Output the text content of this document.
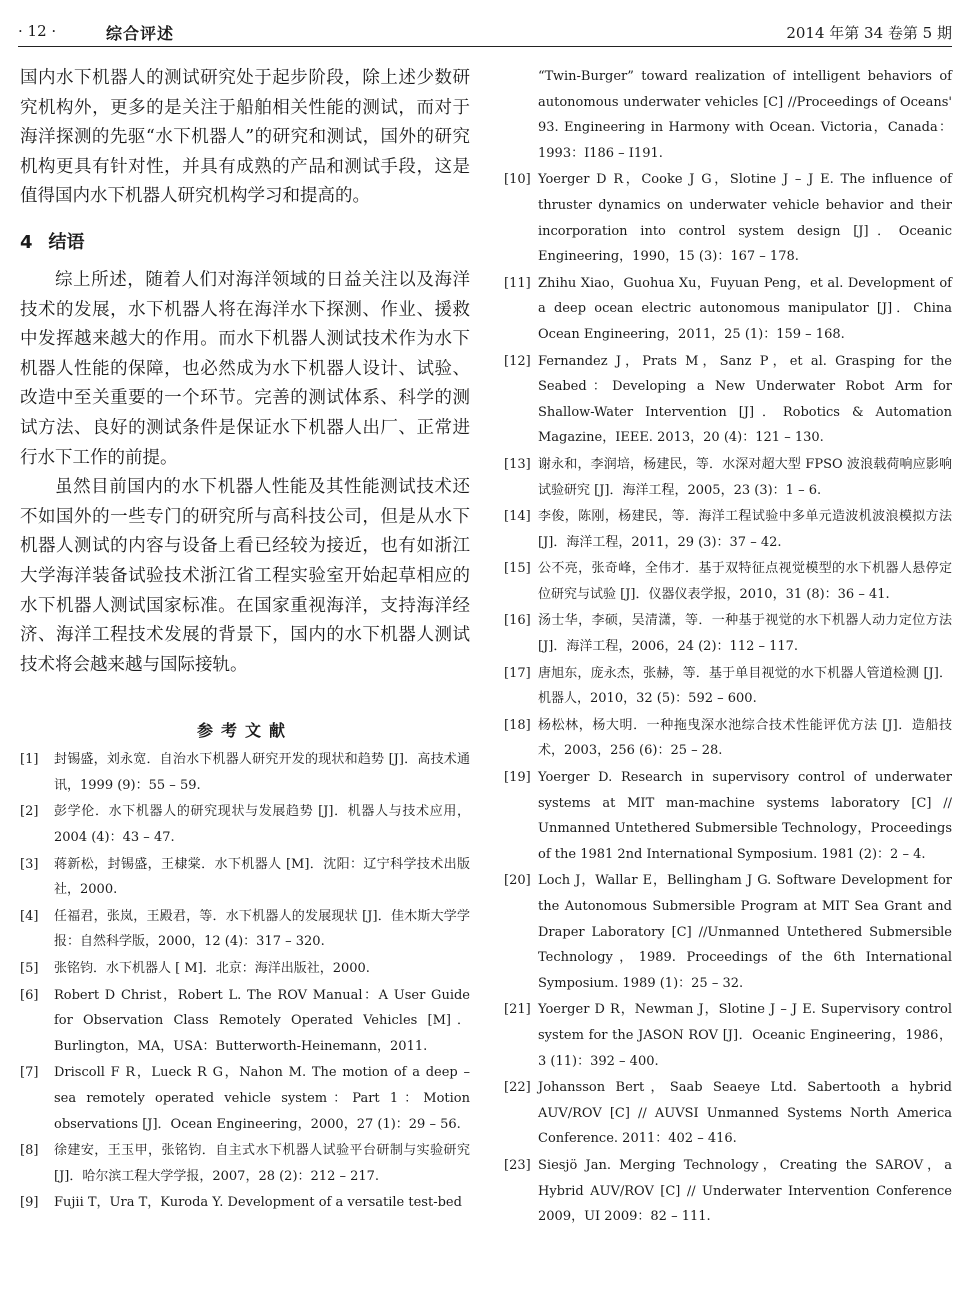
· 12 ·	综合评述	2014 年第 34 卷第 5 期

国内水下机器人的测试研究处于起步阶段，除上述少数研究机构外，更多的是关注于船舶相关性能的测试，而对于海洋探测的先驱“水下机器人”的研究和测试，国外的研究机构更具有针对性，并具有成熟的产品和测试手段，这是值得国内水下机器人研究机构学习和提高的。

4 结语

综上所述，随着人们对海洋领域的日益关注以及海洋技术的发展，水下机器人将在海洋水下探测、作业、援救中发挥越来越大的作用。而水下机器人测试技术作为水下机器人性能的保障，也必然成为水下机器人设计、试验、改造中至关重要的一个环节。完善的测试体系、科学的测试方法、良好的测试条件是保证水下机器人出厂、正常进行水下工作的前提。

虽然目前国内的水下机器人性能及其性能测试技术还不如国外的一些专门的研究所与高科技公司，但是从水下机器人测试的内容与设备上看已经较为接近，也有如浙江大学海洋装备试验技术浙江省工程实验室开始起草相应的水下机器人测试国家标准。在国家重视海洋，支持海洋经济、海洋工程技术发展的背景下，国内的水下机器人测试技术将会越来越与国际接轨。

参考文献
[1] 封锡盛，刘永宽．自治水下机器人研究开发的现状和趋势 [J]．高技术通讯，1999 (9)：55 – 59.
[2] 彭学伦．水下机器人的研究现状与发展趋势 [J]．机器人与技术应用，2004 (4)：43 – 47.
[3] 蒋新松，封锡盛，王棣棠．水下机器人 [M]．沈阳：辽宁科学技术出版社，2000.
[4] 任福君，张岚，王殿君，等．水下机器人的发展现状 [J]．佳木斯大学学报：自然科学版，2000，12 (4)：317 – 320.
[5] 张铭钧．水下机器人 [ M]．北京：海洋出版社，2000.
[6] Robert D Christ，Robert L. The ROV Manual：A User Guide for Observation Class Remotely Operated Vehicles [M]．Burlington，MA，USA：Butterworth-Heinemann，2011.
[7] Driscoll F R，Lueck R G，Nahon M. The motion of a deep – sea remotely operated vehicle system：Part 1：Motion observations [J]．Ocean Engineering，2000，27 (1)：29 – 56.
[8] 徐建安，王玉甲，张铭钧．自主式水下机器人试验平台研制与实验研究 [J]．哈尔滨工程大学学报，2007，28 (2)：212 – 217.
[9] Fujii T，Ura T，Kuroda Y. Development of a versatile test-bed
“Twin-Burger” toward realization of intelligent behaviors of autonomous underwater vehicles [C] //Proceedings of Oceans' 93. Engineering in Harmony with Ocean. Victoria，Canada：1993：I186 – I191.
[10] Yoerger D R，Cooke J G，Slotine J – J E. The influence of thruster dynamics on underwater vehicle behavior and their incorporation into control system design [J]．Oceanic Engineering，1990，15 (3)：167 – 178.
[11] Zhihu Xiao，Guohua Xu，Fuyuan Peng，et al. Development of a deep ocean electric autonomous manipulator [J]．China Ocean Engineering，2011，25 (1)：159 – 168.
[12] Fernandez J，Prats M，Sanz P，et al. Grasping for the Seabed：Developing a New Underwater Robot Arm for Shallow-Water Intervention [J]．Robotics & Automation Magazine，IEEE. 2013，20 (4)：121 – 130.
[13] 谢永和，李润培，杨建民，等．水深对超大型 FPSO 波浪载荷响应影响试验研究 [J]．海洋工程，2005，23 (3)：1 – 6.
[14] 李俊，陈刚，杨建民，等．海洋工程试验中多单元造波机波浪模拟方法 [J]．海洋工程，2011，29 (3)：37 – 42.
[15] 公不亮，张奇峰，全伟才．基于双特征点视觉模型的水下机器人悬停定位研究与试验 [J]．仪器仪表学报，2010，31 (8)：36 – 41.
[16] 汤士华，李硕，吴清潇，等．一种基于视觉的水下机器人动力定位方法 [J]．海洋工程，2006，24 (2)：112 – 117.
[17] 唐旭东，庞永杰，张赫，等．基于单目视觉的水下机器人管道检测 [J]．机器人，2010，32 (5)：592 – 600.
[18] 杨松林，杨大明．一种拖曳深水池综合技术性能评优方法 [J]．造船技术，2003，256 (6)：25 – 28.
[19] Yoerger D. Research in supervisory control of underwater systems at MIT man-machine systems laboratory [C] // Unmanned Untethered Submersible Technology，Proceedings of the 1981 2nd International Symposium. 1981 (2)：2 – 4.
[20] Loch J，Wallar E，Bellingham J G. Software Development for the Autonomous Submersible Program at MIT Sea Grant and Draper Laboratory [C] //Unmanned Untethered Submersible Technology，1989. Proceedings of the 6th International Symposium. 1989 (1)：25 – 32.
[21] Yoerger D R，Newman J，Slotine J – J E. Supervisory control system for the JASON ROV [J]．Oceanic Engineering，1986，3 (11)：392 – 400.
[22] Johansson Bert，Saab Seaeye Ltd. Sabertooth a hybrid AUV/ROV [C] // AUVSI Unmanned Systems North America Conference. 2011：402 – 416.
[23] Siesjö Jan. Merging Technology，Creating the SAROV，a Hybrid AUV/ROV [C] // Underwater Intervention Conference 2009，UI 2009：82 – 111.
